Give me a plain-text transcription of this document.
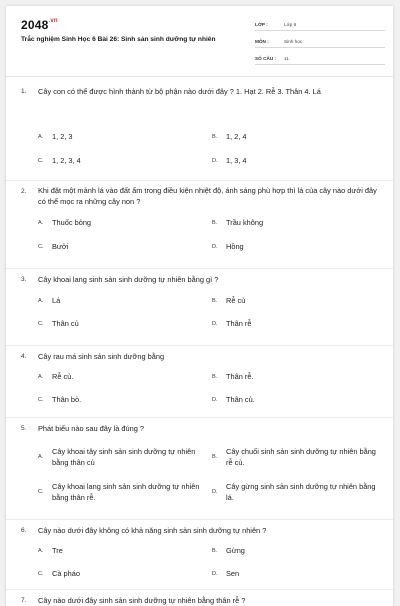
$2048^{.vn}$
Trắc nghiệm Sinh Học 6 Bài 26: Sinh sản sinh dưỡng tự nhiên
LỚP :	Lớp 6
MÔN :	Sinh học
SỐ CÂU :	11
1. Cây con có thể được hình thành từ bộ phận nào dưới đây ? 1. Hạt 2. Rễ 3. Thân 4. Lá
A. 1, 2, 3	B. 1, 2, 4
C. 1, 2, 3, 4	D. 1, 3, 4
2. Khi đặt một mảnh lá vào đất ẩm trong điều kiện nhiệt độ, ánh sáng phù hợp thì lá của cây nào dưới đây có thể mọc ra những cây non ?
A. Thuốc bỏng	B. Trầu không
C. Bưởi	D. Hồng
3. Cây khoai lang sinh sản sinh dưỡng tự nhiên bằng gì ?
A. Lá	B. Rễ củ
C. Thân củ	D. Thân rễ
4. Cây rau má sinh sản sinh dưỡng bằng
A. Rễ củ.	B. Thân rễ.
C. Thân bò.	D. Thân củ.
5. Phát biểu nào sau đây là đúng ?
A.
Cây khoai tây sinh sản sinh dưỡng tự nhiên bằng thân củ
B.
Cây chuối sinh sản sinh dưỡng tự nhiên bằng rễ củ.
C.
Cây khoai lang sinh sản sinh dưỡng tự nhiên bằng thân rễ.
D.
Cây gừng sinh sản sinh dưỡng tự nhiên bằng lá.
6. Cây nào dưới đây không có khả năng sinh sản sinh dưỡng tự nhiên ?
A. Tre	B. Gừng
C. Cà pháo	D. Sen
7. Cây nào dưới đây sinh sản sinh dưỡng tự nhiên bằng thân rễ ?
